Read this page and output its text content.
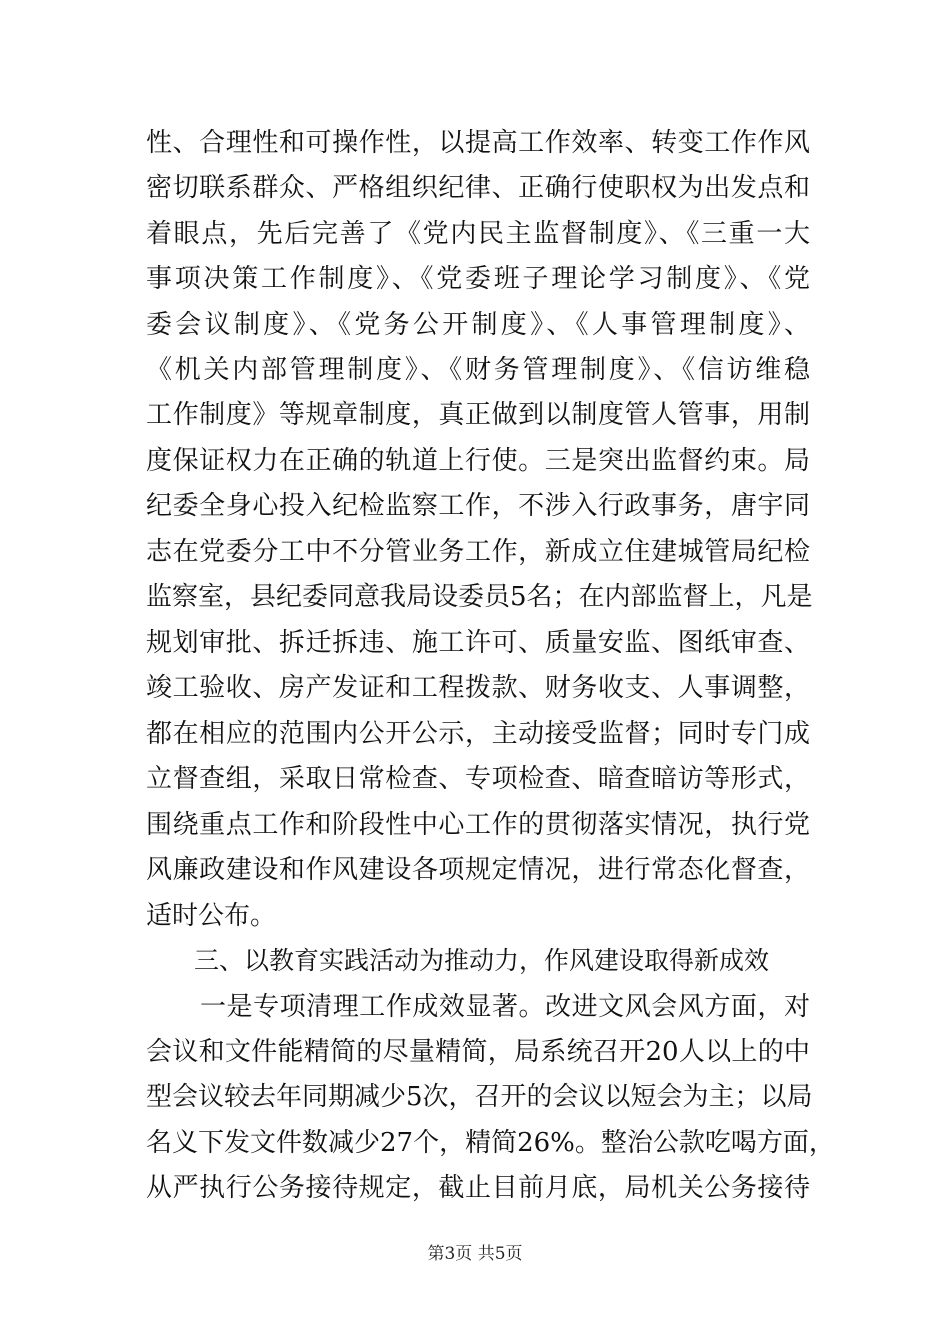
性、合理性和可操作性，以提高工作效率、转变工作作风
密切联系群众、严格组织纪律、正确行使职权为出发点和
着眼点，先后完善了《党内民主监督制度》、《三重一大
事项决策工作制度》、《党委班子理论学习制度》、《党
委会议制度》、《党务公开制度》、《人事管理制度》、
《机关内部管理制度》、《财务管理制度》、《信访维稳
工作制度》等规章制度，真正做到以制度管人管事，用制
度保证权力在正确的轨道上行使。三是突出监督约束。局
纪委全身心投入纪检监察工作，不涉入行政事务，唐宇同
志在党委分工中不分管业务工作，新成立住建城管局纪检
监察室，县纪委同意我局设委员5名；在内部监督上，凡是
规划审批、拆迁拆违、施工许可、质量安监、图纸审查、
竣工验收、房产发证和工程拨款、财务收支、人事调整，
都在相应的范围内公开公示，主动接受监督；同时专门成
立督查组，采取日常检查、专项检查、暗查暗访等形式，
围绕重点工作和阶段性中心工作的贯彻落实情况，执行党
风廉政建设和作风建设各项规定情况，进行常态化督查，
适时公布。
三、以教育实践活动为推动力，作风建设取得新成效
一是专项清理工作成效显著。改进文风会风方面，对
会议和文件能精简的尽量精简，局系统召开20人以上的中
型会议较去年同期减少5次，召开的会议以短会为主；以局
名义下发文件数减少27个，精简26%。整治公款吃喝方面，
从严执行公务接待规定，截止目前月底，局机关公务接待
第3页 共5页
